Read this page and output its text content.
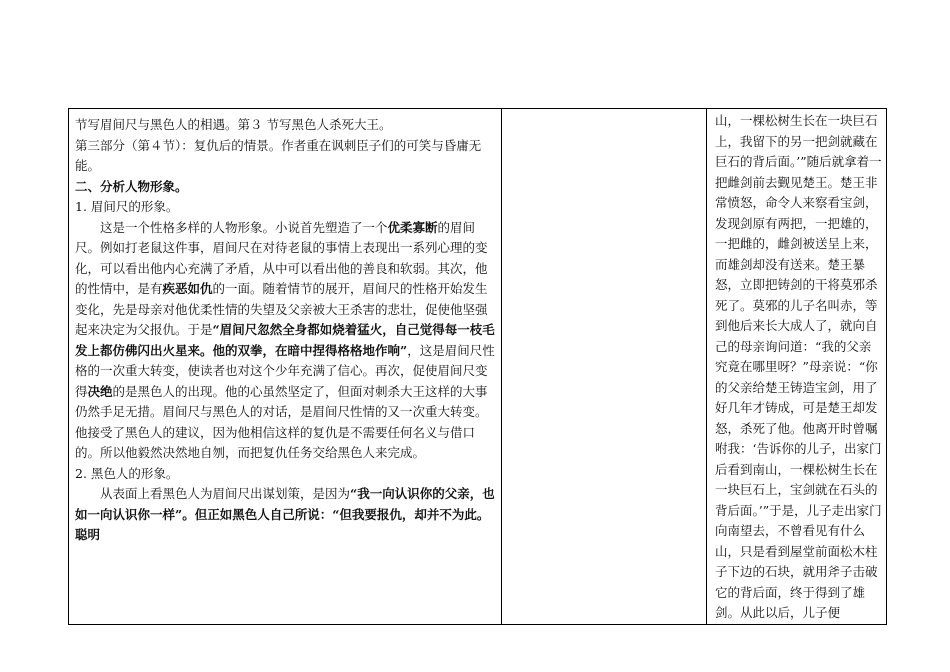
节写眉间尺与黑色人的相遇。第３ 节写黑色人杀死大王。

第三部分（第４节）：复仇后的情景。作者重在讽刺臣子们的可笑与昏庸无能。

二、分析人物形象。

1. 眉间尺的形象。

这是一个性格多样的人物形象。小说首先塑造了一个优柔寡断的眉间尺。例如打老鼠这件事，眉间尺在对待老鼠的事情上表现出一系列心理的变化，可以看出他内心充满了矛盾，从中可以看出他的善良和软弱。其次，他的性情中，是有疾恶如仇的一面。随着情节的展开，眉间尺的性格开始发生变化，先是母亲对他优柔性情的失望及父亲被大王杀害的悲壮，促使他坚强起来决定为父报仇。于是“眉间尺忽然全身都如烧着猛火，自己觉得每一枝毛发上都仿佛闪出火星来。他的双拳，在暗中捏得格格地作响”，这是眉间尺性格的一次重大转变，使读者也对这个少年充满了信心。再次，促使眉间尺变得决绝的是黑色人的出现。他的心虽然坚定了，但面对刺杀大王这样的大事仍然手足无措。眉间尺与黑色人的对话，是眉间尺性情的又一次重大转变。他接受了黑色人的建议，因为他相信这样的复仇是不需要任何名义与借口的。所以他毅然决然地自刎，而把复仇任务交给黑色人来完成。

2. 黑色人的形象。

从表面上看黑色人为眉间尺出谋划策，是因为“我一向认识你的父亲，也如一向认识你一样”。但正如黑色人自己所说：“但我要报仇，却并不为此。聪明

山，一棵松树生长在一块巨石上，我留下的另一把剑就藏在巨石的背后面。’”随后就拿着一把雌剑前去觐见楚王。楚王非常愤怒，命令人来察看宝剑，发现剑原有两把，一把雄的，一把雌的，雌剑被送呈上来，而雄剑却没有送来。楚王暴怒，立即把铸剑的干将莫邪杀死了。莫邪的儿子名叫赤，等到他后来长大成人了，就向自己的母亲询问道：“我的父亲究竟在哪里呀？”母亲说：“你的父亲给楚王铸造宝剑，用了好几年才铸成，可是楚王却发怒，杀死了他。他离开时曾嘱咐我：‘告诉你的儿子，出家门后看到南山，一棵松树生长在一块巨石上，宝剑就在石头的背后面。’”于是，儿子走出家门向南望去，不曾看见有什么山，只是看到屋堂前面松木柱子下边的石块，就用斧子击破它的背后面，终于得到了雄剑。从此以后，儿子便
